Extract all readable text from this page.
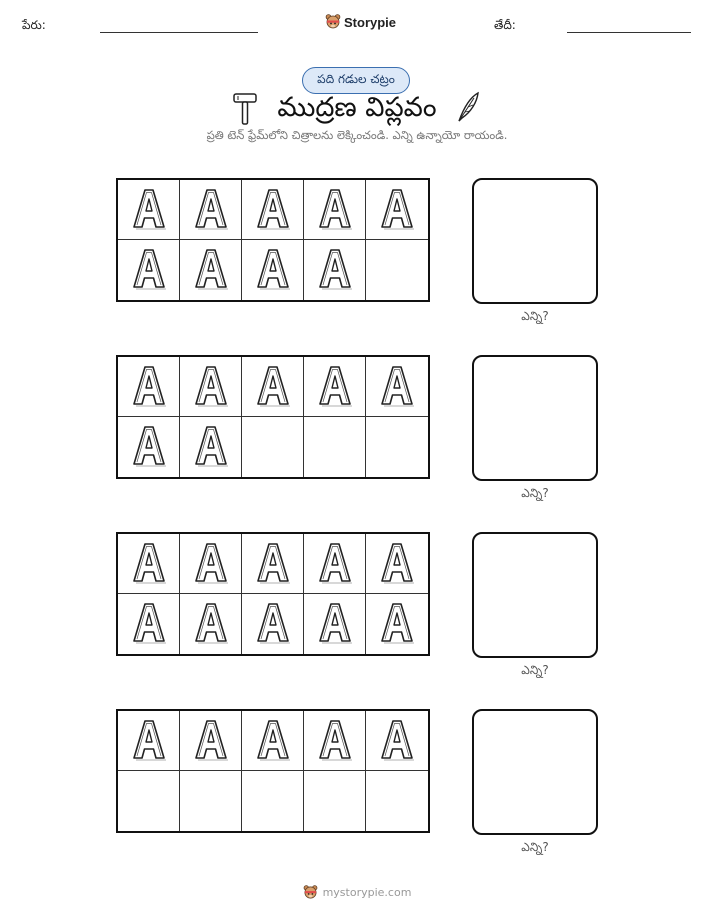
పేరు:	Storypie	తేదీ:
పది గడుల చట్రం
ముద్రణ విప్లవం
ప్రతి టెన్ ఫ్రేమ్‌లోని చిత్రాలను లెక్కించండి. ఎన్ని ఉన్నాయో రాయండి.
ఎన్ని?
ఎన్ని?
ఎన్ని?
ఎన్ని?
mystorypie.com
